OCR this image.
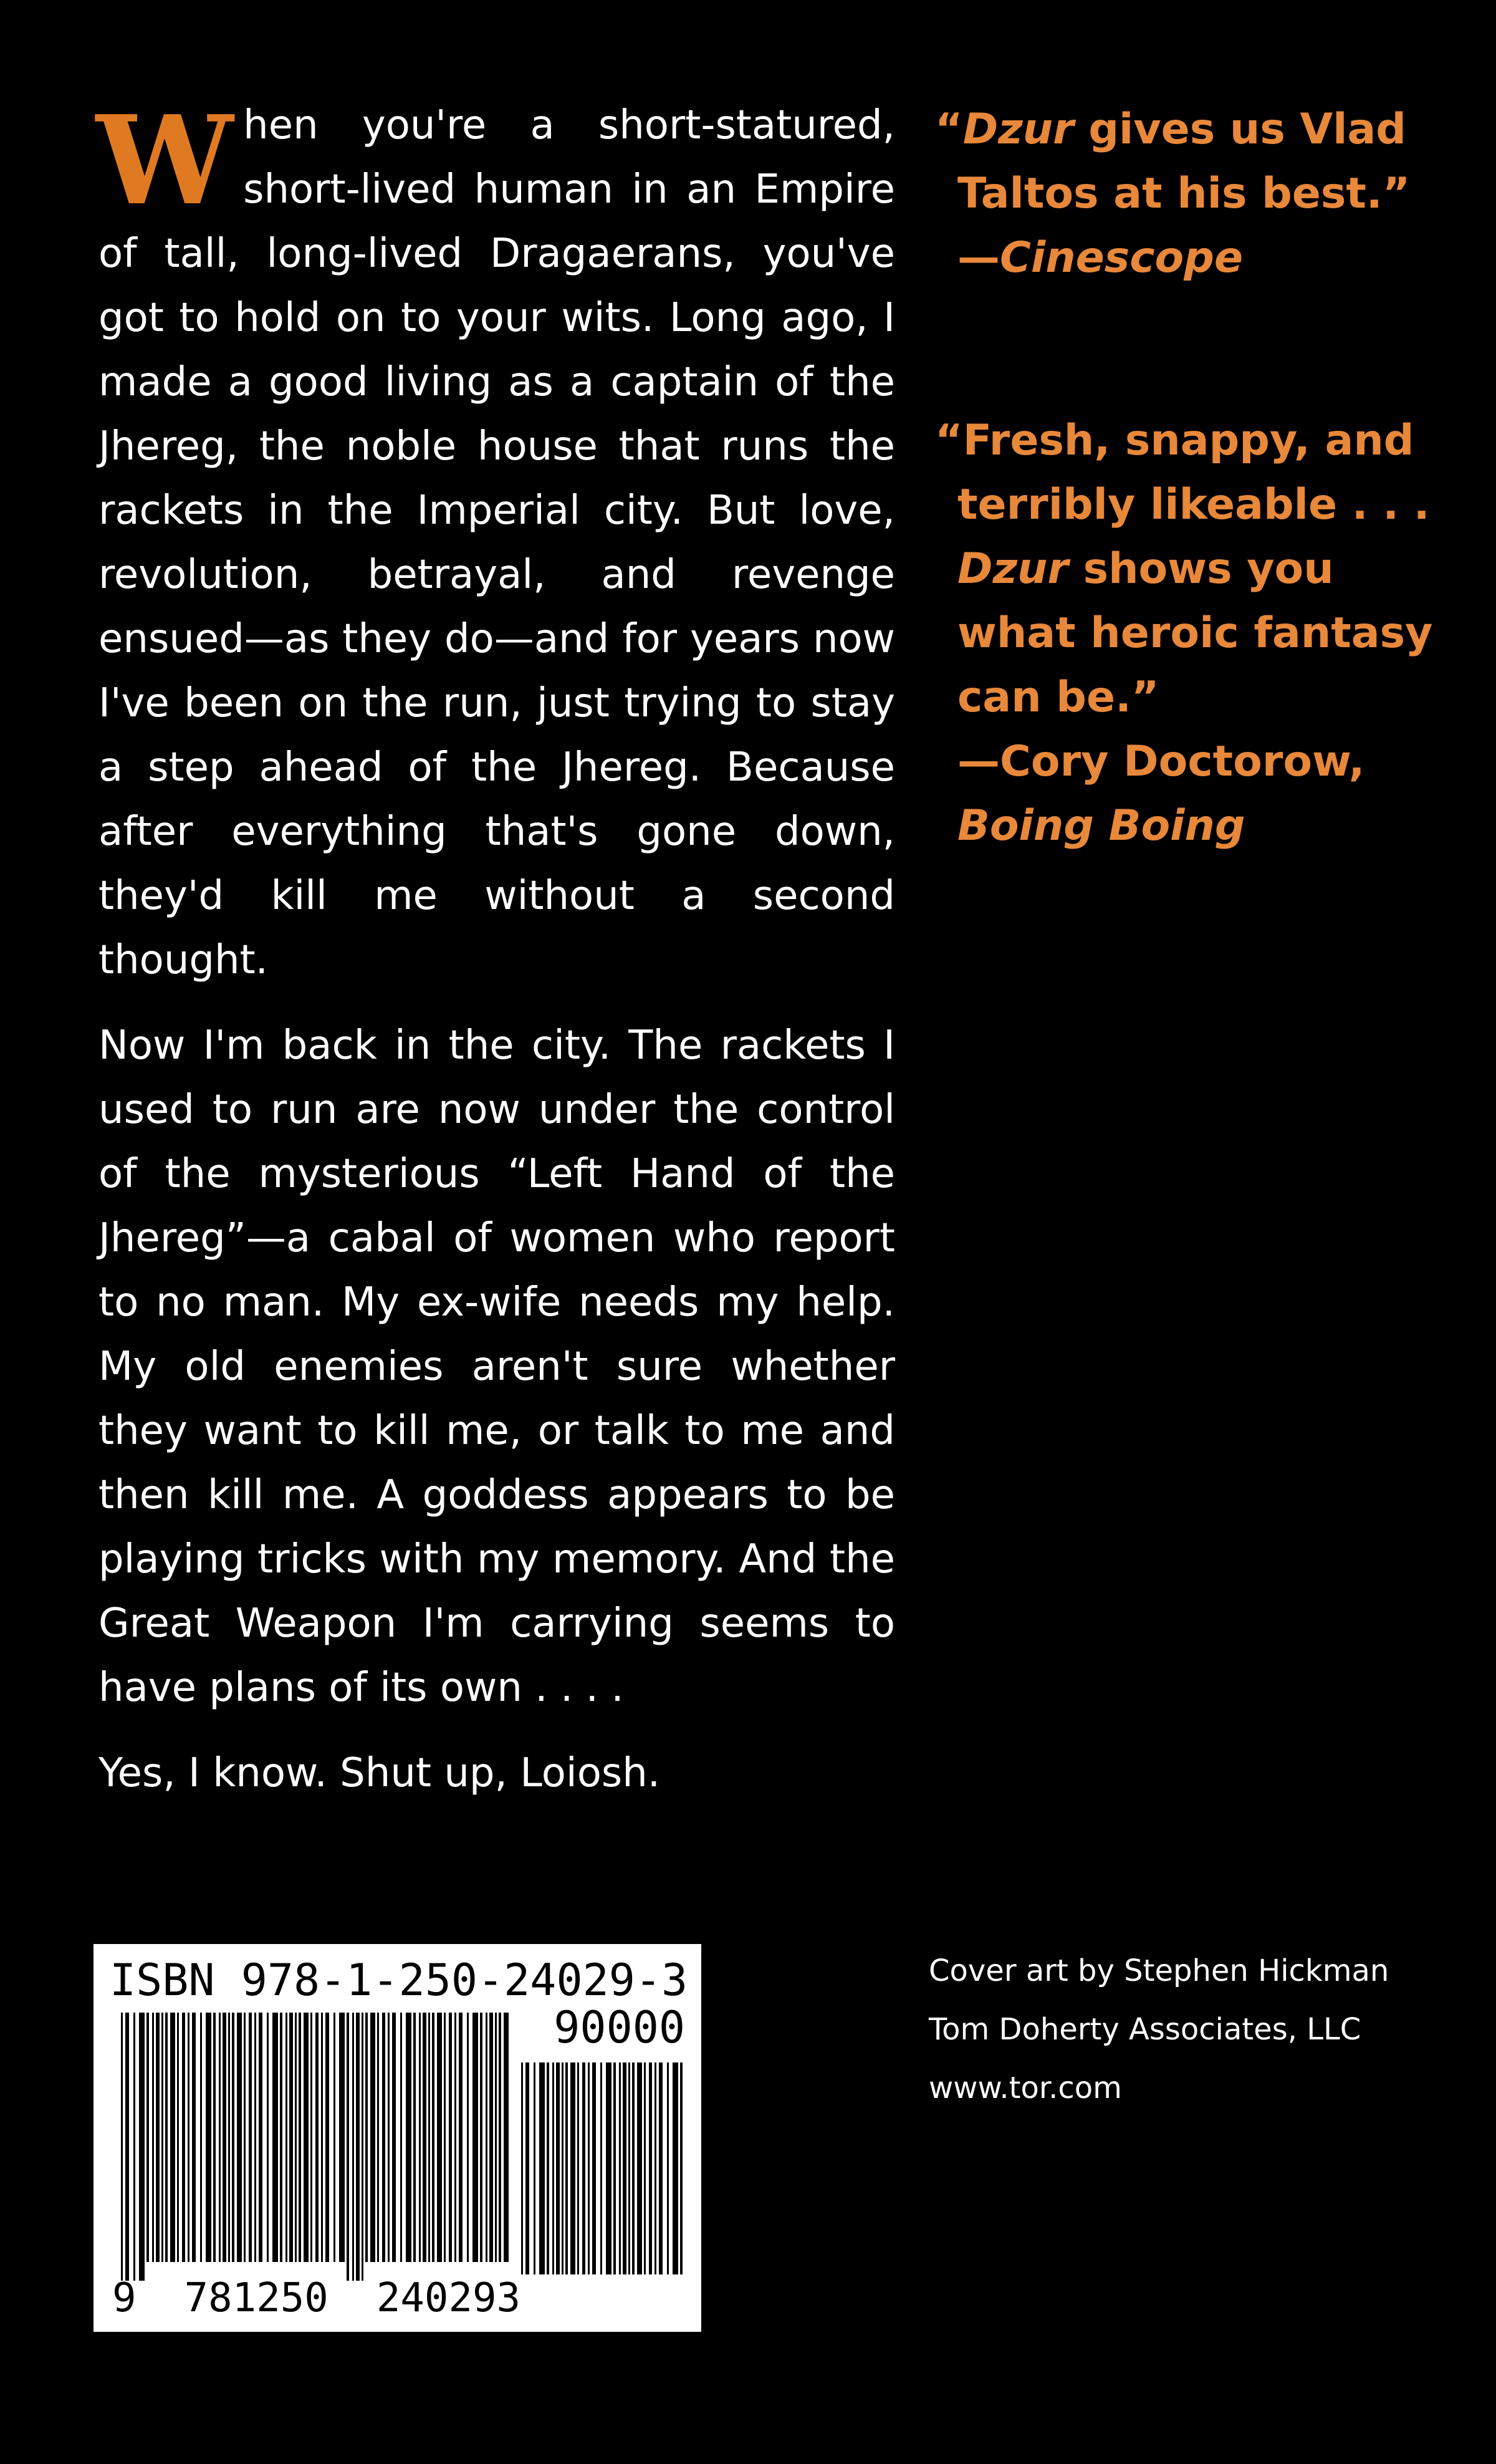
When you're a short-statured, short-lived human in an Empire of tall, long-lived Dragaerans, you've got to hold on to your wits. Long ago, I made a good living as a captain of the Jhereg, the noble house that runs the rackets in the Imperial city. But love, revolution, betrayal, and revenge ensued—as they do—and for years now I've been on the run, just trying to stay a step ahead of the Jhereg. Because after everything that's gone down, they'd kill me without a second thought.

Now I'm back in the city. The rackets I used to run are now under the control of the mysterious “Left Hand of the Jhereg”—a cabal of women who report to no man. My ex-wife needs my help. My old enemies aren't sure whether they want to kill me, or talk to me and then kill me. A goddess appears to be playing tricks with my memory. And the Great Weapon I'm carrying seems to have plans of its own . . . .

Yes, I know. Shut up, Loiosh.

“Dzur gives us Vlad
Taltos at his best.”
—Cinescope
“Fresh, snappy, and
terribly likeable . . .
Dzur shows you
what heroic fantasy
can be.”
—Cory Doctorow,
Boing Boing
ISBN 978-1-250-24029-3
90000
9 781250 240293
Cover art by Stephen Hickman
Tom Doherty Associates, LLC
www.tor.com
